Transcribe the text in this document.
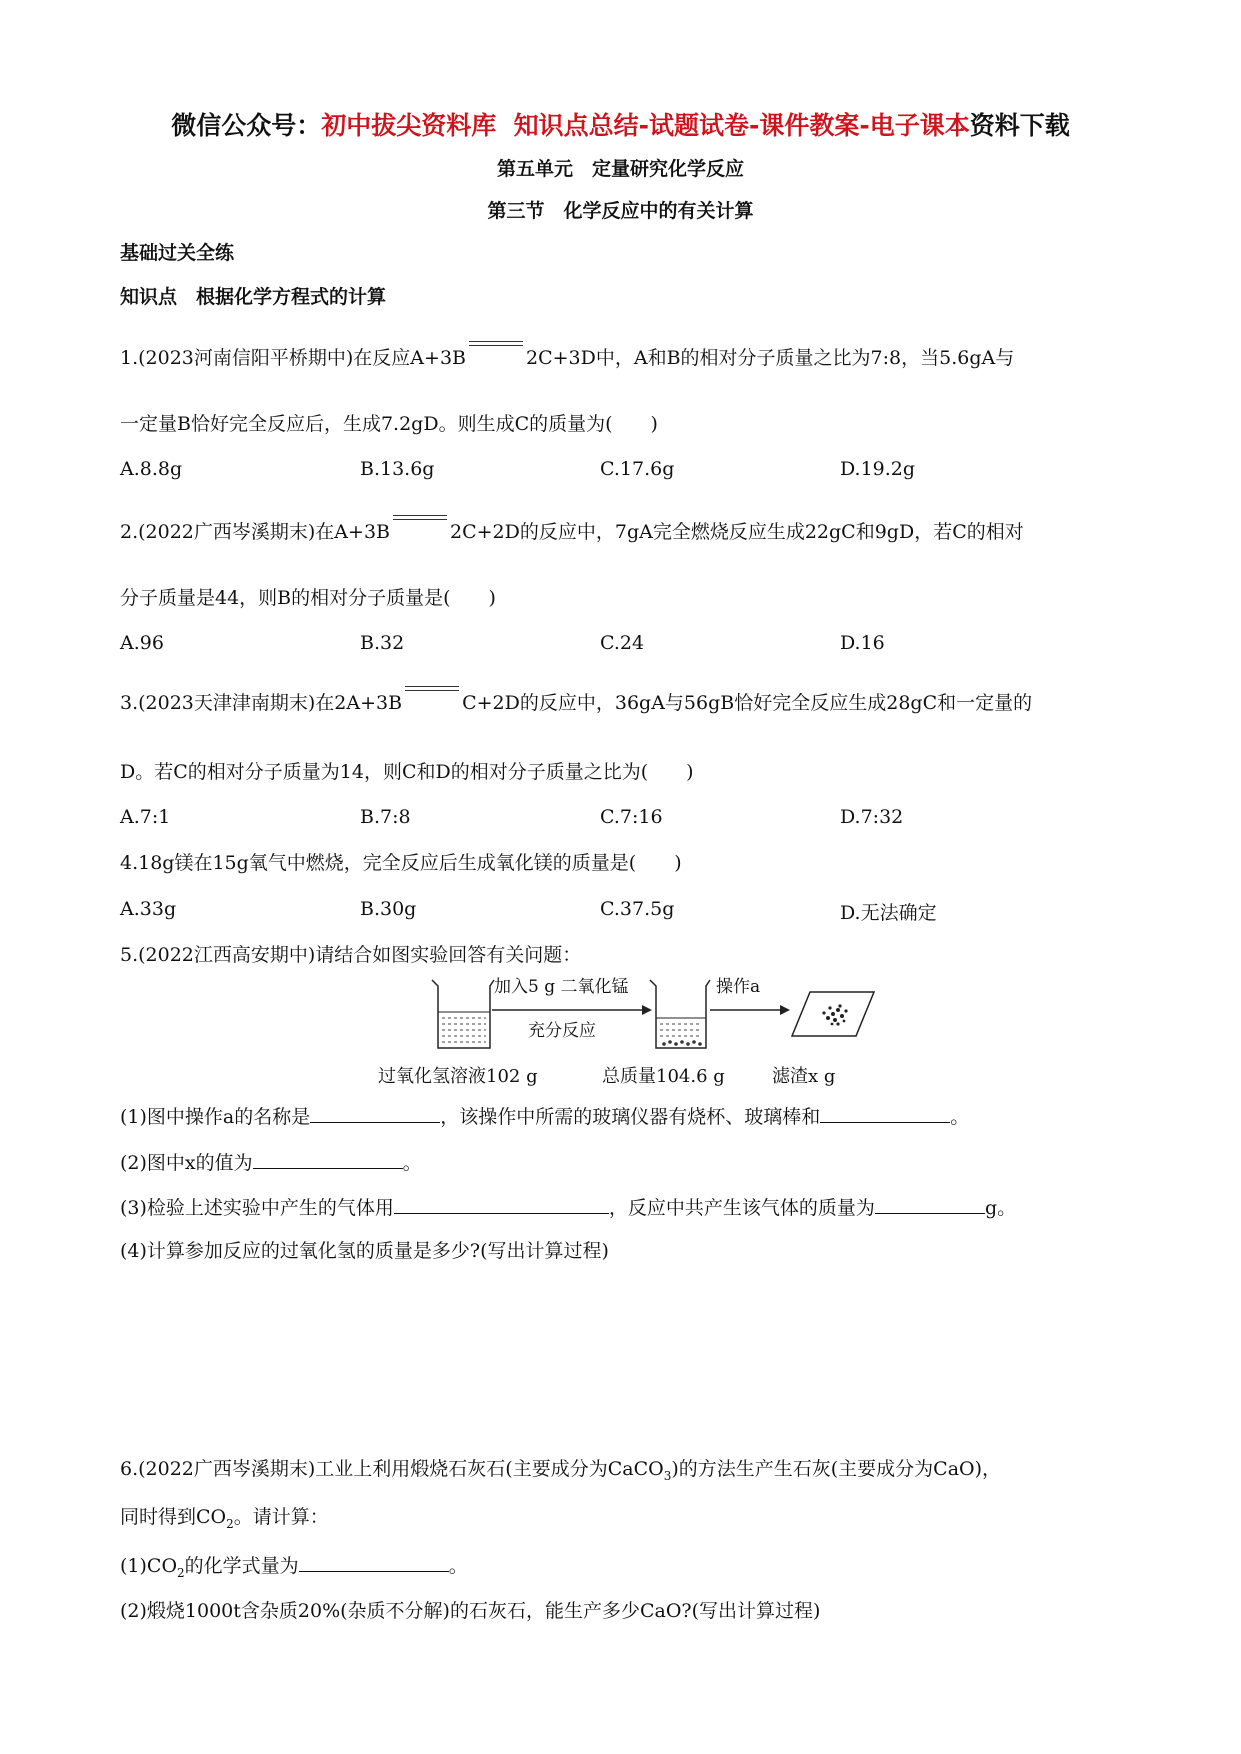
微信公众号：初中拔尖资料库 知识点总结-试题试卷-课件教案-电子课本资料下载
第五单元　定量研究化学反应
第三节　化学反应中的有关计算
基础过关全练
知识点　根据化学方程式的计算
1.(2023河南信阳平桥期中)在反应A+3B	2C+3D中，A和B的相对分子质量之比为7:8，当5.6gA与
一定量B恰好完全反应后，生成7.2gD。则生成C的质量为(　　)
A.8.8g	B.13.6g	C.17.6g	D.19.2g
2.(2022广西岑溪期末)在A+3B	2C+2D的反应中，7gA完全燃烧反应生成22gC和9gD，若C的相对
分子质量是44，则B的相对分子质量是(　　)
A.96	B.32	C.24	D.16
3.(2023天津津南期末)在2A+3B	C+2D的反应中，36gA与56gB恰好完全反应生成28gC和一定量的
D。若C的相对分子质量为14，则C和D的相对分子质量之比为(　　)
A.7:1	B.7:8	C.7:16	D.7:32
4.18g镁在15g氧气中燃烧，完全反应后生成氧化镁的质量是(　　)
A.33g	B.30g	C.37.5g	D.无法确定
5.(2022江西高安期中)请结合如图实验回答有关问题：
加入5 g 二氧化锰
充分反应
操作a
过氧化氢溶液102 g	总质量104.6 g	滤渣x g
(1)图中操作a的名称是	，该操作中所需的玻璃仪器有烧杯、玻璃棒和	。
(2)图中x的值为	。
(3)检验上述实验中产生的气体用	，反应中共产生该气体的质量为	g。
(4)计算参加反应的过氧化氢的质量是多少?(写出计算过程)
6.(2022广西岑溪期末)工业上利用煅烧石灰石(主要成分为CaCO$_3$)的方法生产生石灰(主要成分为CaO)，
同时得到$CO_2$。请计算：
$(1)CO_2$的化学式量为	。
(2)煅烧1000t含杂质20%(杂质不分解)的石灰石，能生产多少CaO?(写出计算过程)
